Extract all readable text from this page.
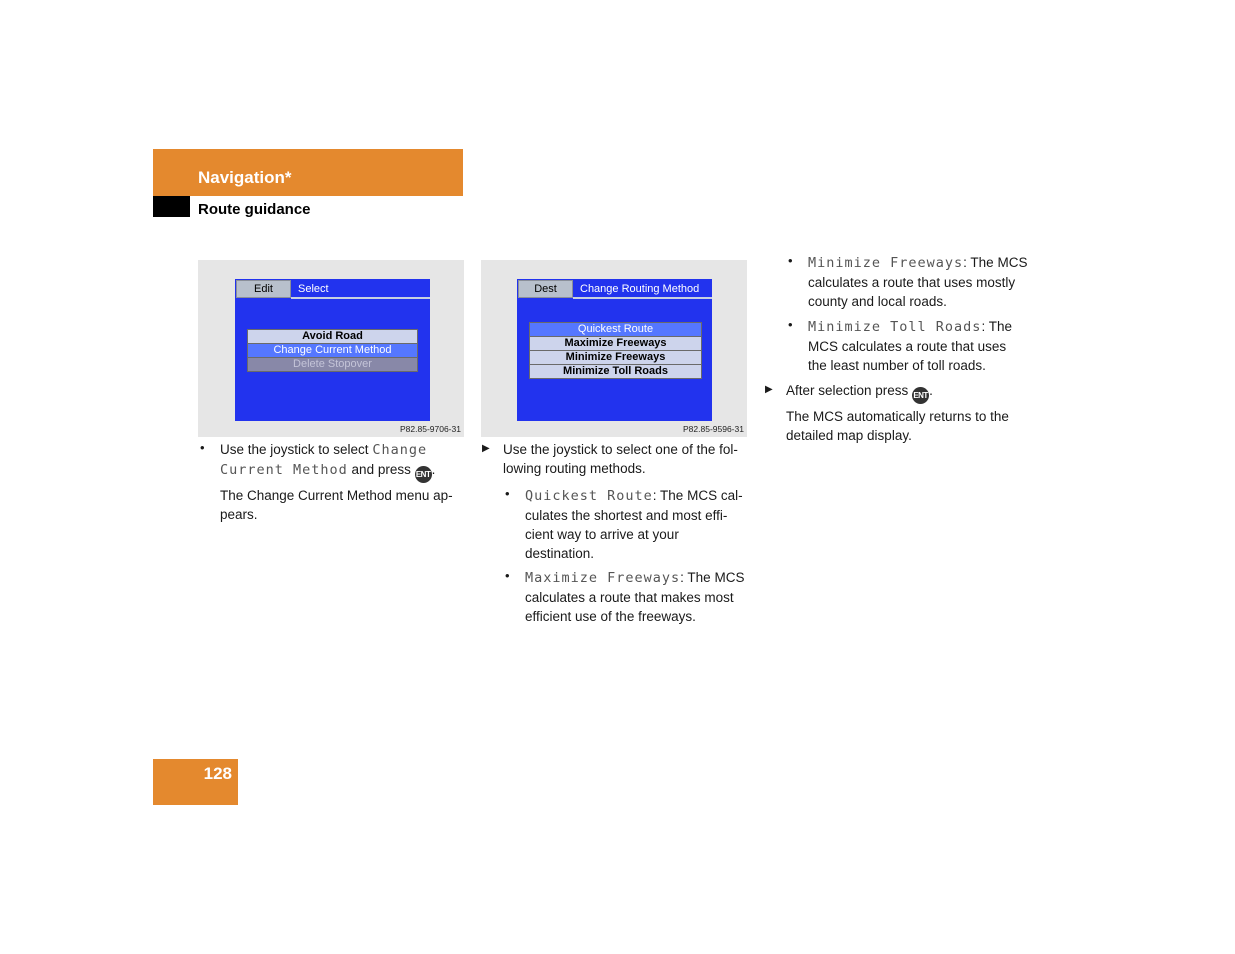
Navigation*
Route guidance
Edit	Select
Avoid Road
Change Current Method
Delete Stopover
P82.85-9706-31
Dest	Change Routing Method
Quickest Route
Maximize Freeways
Minimize Freeways
Minimize Toll Roads
P82.85-9596-31
• Use the joystick to select Change
Current Method and press ENT.
The Change Current Method menu ap-
pears.
▶ Use the joystick to select one of the fol-
lowing routing methods.
• Quickest Route: The MCS cal-
culates the shortest and most effi-
cient way to arrive at your
destination.
• Maximize Freeways: The MCS
calculates a route that makes most
efficient use of the freeways.
• Minimize Freeways: The MCS
calculates a route that uses mostly
county and local roads.
• Minimize Toll Roads: The
MCS calculates a route that uses
the least number of toll roads.
▶ After selection press ENT.
The MCS automatically returns to the
detailed map display.
128
